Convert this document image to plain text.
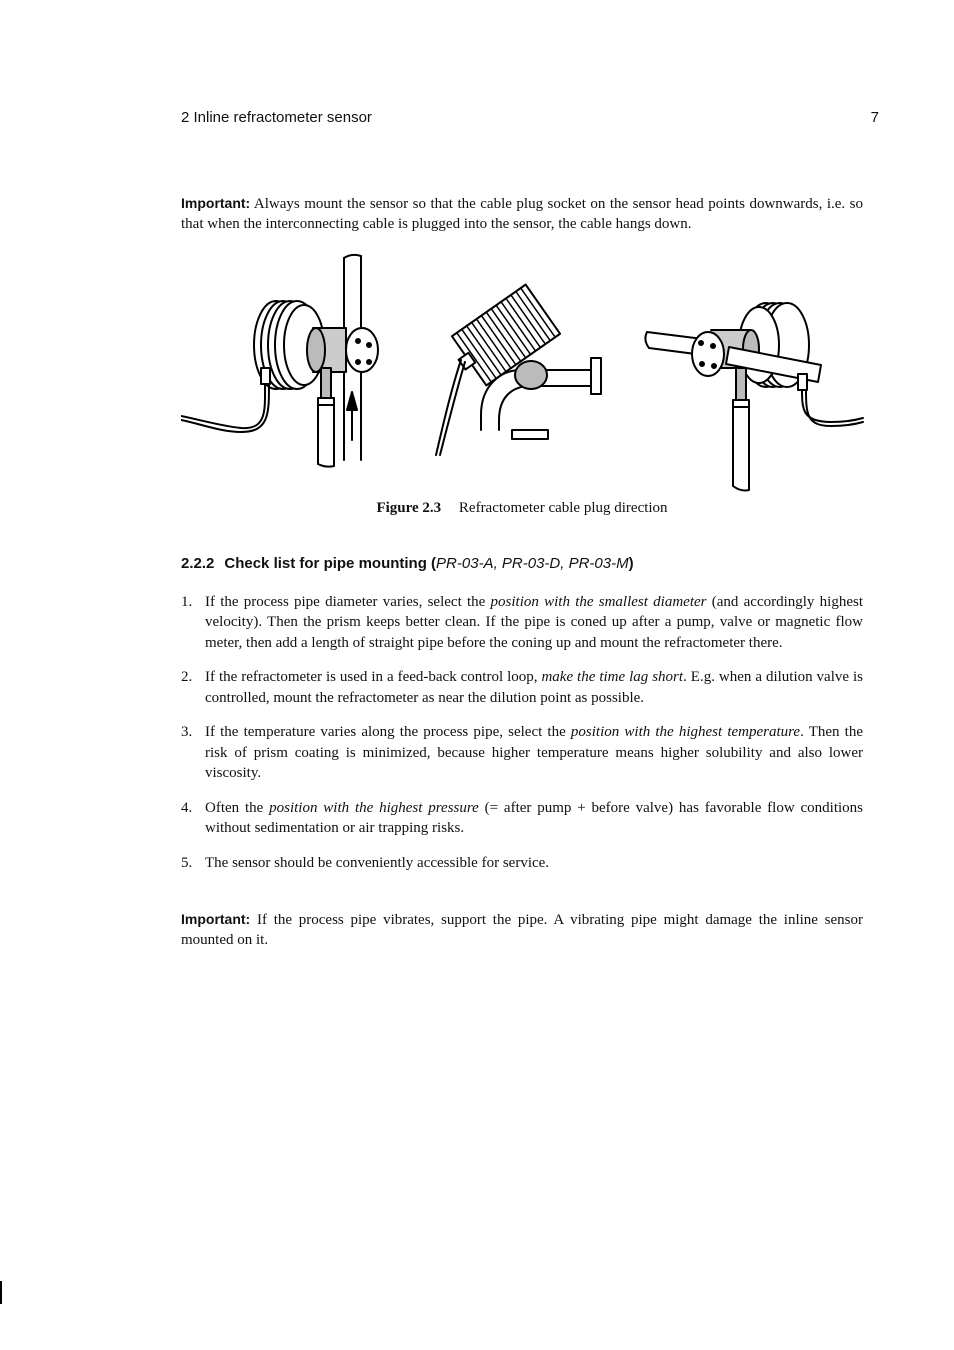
2 Inline refractometer sensor	7
Important: Always mount the sensor so that the cable plug socket on the sensor head points downwards, i.e. so that when the interconnecting cable is plugged into the sensor, the cable hangs down.
Figure 2.3 Refractometer cable plug direction
2.2.2 Check list for pipe mounting (PR-03-A, PR-03-D, PR-03-M)
1. If the process pipe diameter varies, select the position with the smallest diameter (and accordingly highest velocity). Then the prism keeps better clean. If the pipe is coned up after a pump, valve or magnetic flow meter, then add a length of straight pipe before the coning up and mount the refractometer there.
2. If the refractometer is used in a feed-back control loop, make the time lag short. E.g. when a dilution valve is controlled, mount the refractometer as near the dilution point as possible.
3. If the temperature varies along the process pipe, select the position with the highest temperature. Then the risk of prism coating is minimized, because higher temperature means higher solubility and also lower viscosity.
4. Often the position with the highest pressure (= after pump + before valve) has favorable flow conditions without sedimentation or air trapping risks.
5. The sensor should be conveniently accessible for service.
Important: If the process pipe vibrates, support the pipe. A vibrating pipe might damage the inline sensor mounted on it.
